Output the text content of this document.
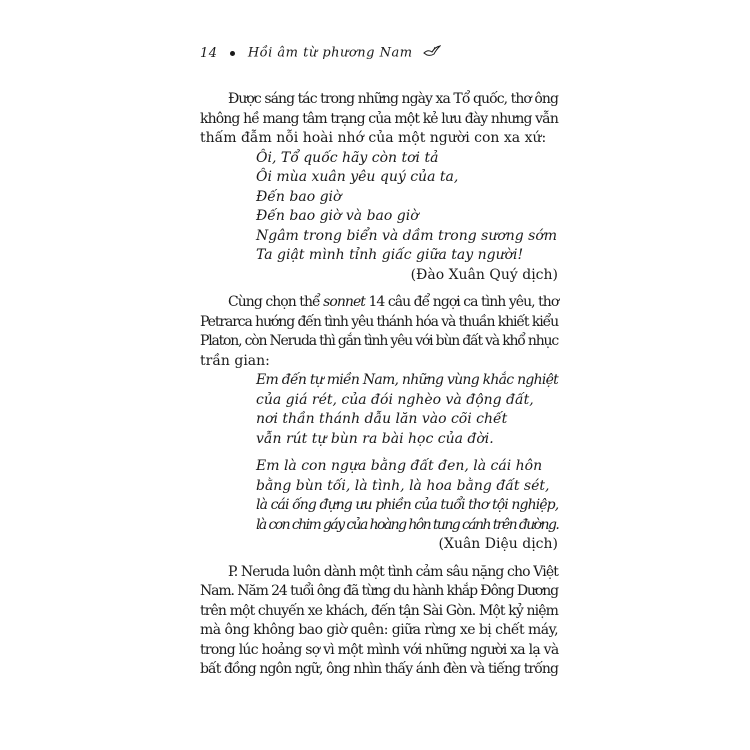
14 Hồi âm từ phương Nam

Được sáng tác trong những ngày xa Tổ quốc, thơ ông
không hề mang tâm trạng của một kẻ lưu đày nhưng vẫn
thấm đẫm nỗi hoài nhớ của một người con xa xứ:

Ôi, Tổ quốc hãy còn tơi tả
Ôi mùa xuân yêu quý của ta,
Đến bao giờ
Đến bao giờ và bao giờ
Ngâm trong biển và dầm trong sương sớm
Ta giật mình tỉnh giấc giữa tay người!
(Đào Xuân Quý dịch)

Cùng chọn thể sonnet 14 câu để ngợi ca tình yêu, thơ
Petrarca hướng đến tình yêu thánh hóa và thuần khiết kiểu
Platon, còn Neruda thì gắn tình yêu với bùn đất và khổ nhục
trần gian:

Em đến tự miền Nam, những vùng khắc nghiệt
của giá rét, của đói nghèo và động đất,
nơi thần thánh dẫu lăn vào cõi chết
vẫn rút tự bùn ra bài học của đời.
Em là con ngựa bằng đất đen, là cái hôn
bằng bùn tối, là tình, là hoa bằng đất sét,
là cái ống đựng ưu phiền của tuổi thơ tội nghiệp,
là con chim gáy của hoàng hôn tung cánh trên đường.
(Xuân Diệu dịch)

P. Neruda luôn dành một tình cảm sâu nặng cho Việt
Nam. Năm 24 tuổi ông đã từng du hành khắp Đông Dương
trên một chuyến xe khách, đến tận Sài Gòn. Một kỷ niệm
mà ông không bao giờ quên: giữa rừng xe bị chết máy,
trong lúc hoảng sợ vì một mình với những người xa lạ và
bất đồng ngôn ngữ, ông nhìn thấy ánh đèn và tiếng trống
